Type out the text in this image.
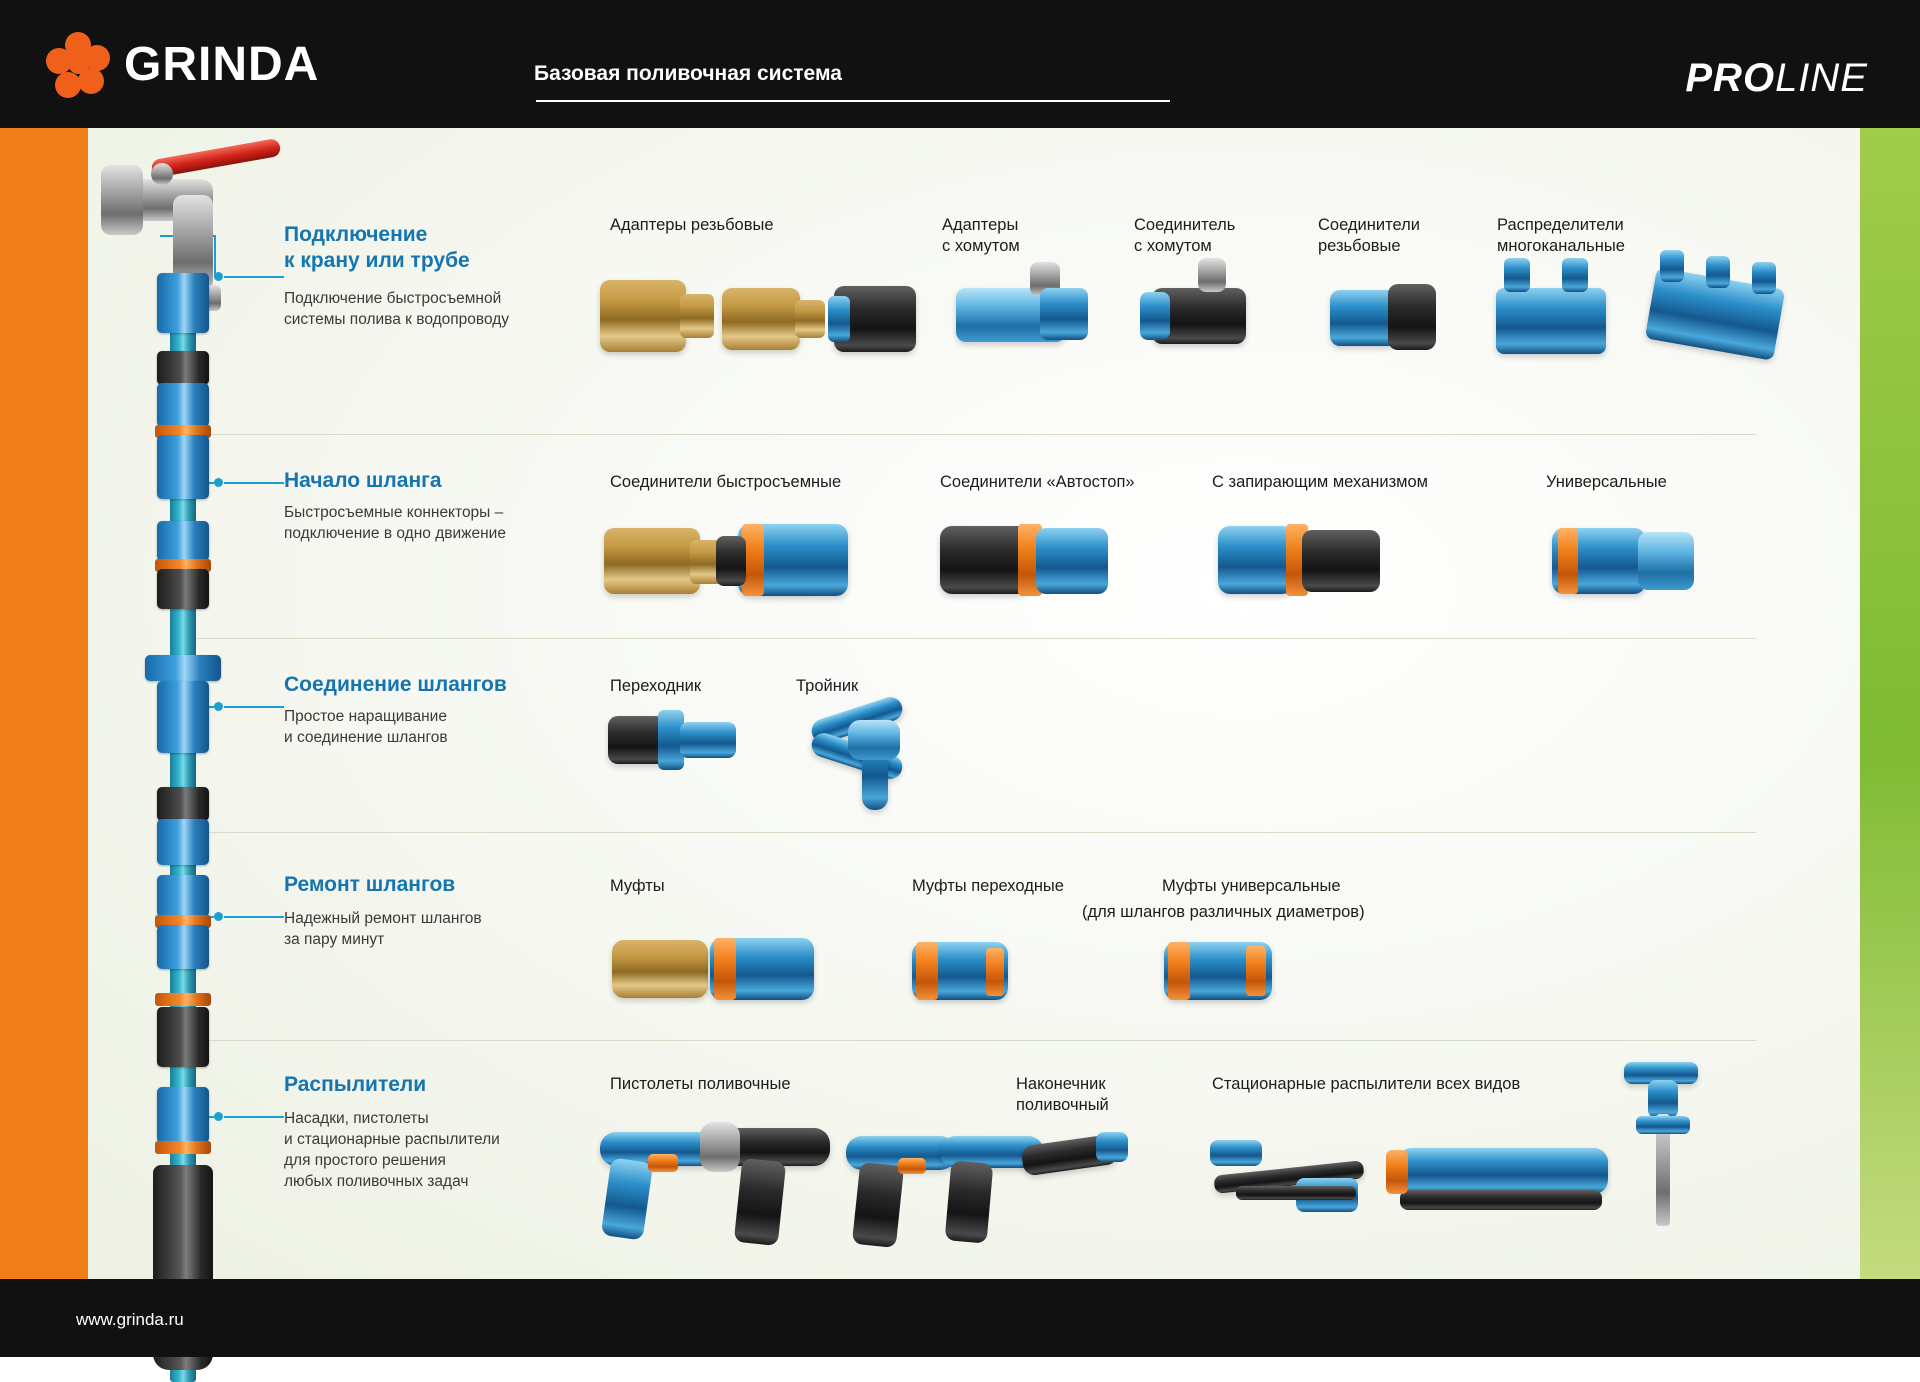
GRINDA	Базовая поливочная система	PROLINE
www.grinda.ru
Подключение
к крану или трубе
Подключение быстросъемной
системы полива к водопроводу
Адаптеры резьбовые	Адаптеры
с хомутом
Соединитель
с хомутом
Соединители
резьбовые
Распределители
многоканальные
Начало шланга
Быстросъемные коннекторы –
подключение в одно движение
Соединители быстросъемные	Соединители «Автостоп»	С запирающим механизмом	Универсальные
Соединение шлангов
Простое наращивание
и соединение шлангов
Переходник	Тройник
Ремонт шлангов
Надежный ремонт шлангов
за пару минут
Муфты	Муфты переходные	Муфты универсальные
(для шлангов различных диаметров)
Распылители
Насадки, пистолеты
и стационарные распылители
для простого решения
любых поливочных задач
Пистолеты поливочные	Наконечник
поливочный
Стационарные распылители всех видов
